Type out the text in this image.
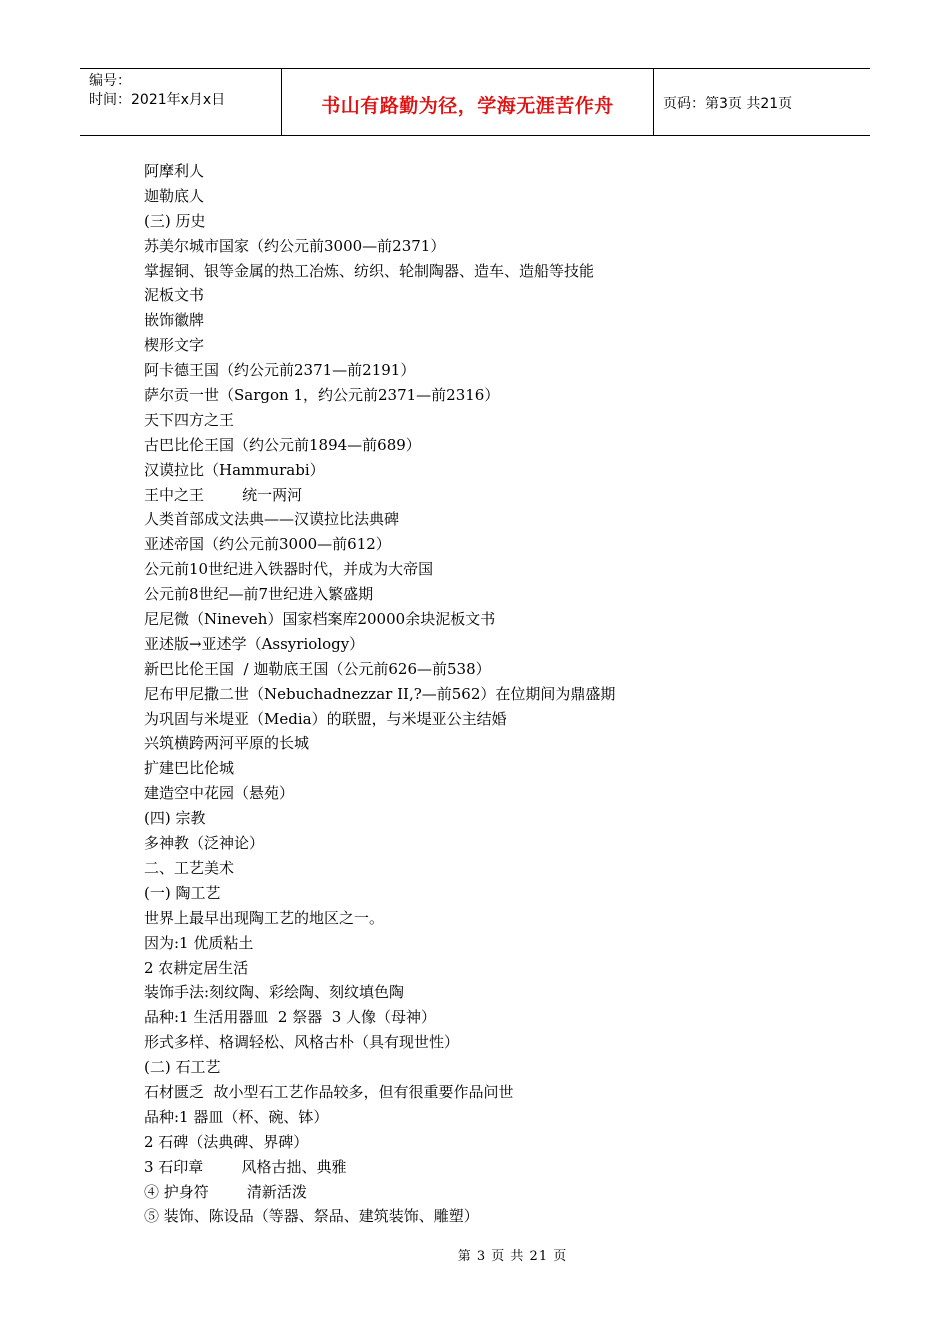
编号：
时间：2021年x月x日	书山有路勤为径，学海无涯苦作舟	页码：第3页 共21页
阿摩利人
迦勒底人
(三) 历史
苏美尔城市国家（约公元前3000—前2371）
掌握铜、银等金属的热工冶炼、纺织、轮制陶器、造车、造船等技能
泥板文书
嵌饰徽牌
楔形文字
阿卡德王国（约公元前2371—前2191）
萨尔贡一世（Sargon 1，约公元前2371—前2316）
天下四方之王
古巴比伦王国（约公元前1894—前689）
汉谟拉比（Hammurabi）
王中之王        统一两河
人类首部成文法典——汉谟拉比法典碑
亚述帝国（约公元前3000—前612）
公元前10世纪进入铁器时代，并成为大帝国
公元前8世纪—前7世纪进入繁盛期
尼尼微（Nineveh）国家档案库20000余块泥板文书
亚述版→亚述学（Assyriology）
新巴比伦王国  / 迦勒底王国（公元前626—前538）
尼布甲尼撒二世（Nebuchadnezzar II,?—前562）在位期间为鼎盛期
为巩固与米堤亚（Media）的联盟，与米堤亚公主结婚
兴筑横跨两河平原的长城
扩建巴比伦城
建造空中花园（悬苑）
(四) 宗教
多神教（泛神论）
二、工艺美术
(一) 陶工艺
世界上最早出现陶工艺的地区之一。
因为:1 优质粘土
2 农耕定居生活
装饰手法:刻纹陶、彩绘陶、刻纹填色陶
品种:1 生活用器皿  2 祭器  3 人像（母神）
形式多样、格调轻松、风格古朴（具有现世性）
(二) 石工艺
石材匮乏  故小型石工艺作品较多，但有很重要作品问世
品种:1 器皿（杯、碗、钵）
2 石碑（法典碑、界碑）
3 石印章        风格古拙、典雅
④ 护身符        清新活泼
⑤ 装饰、陈设品（等器、祭品、建筑装饰、雕塑）
第 3 页 共 21 页
